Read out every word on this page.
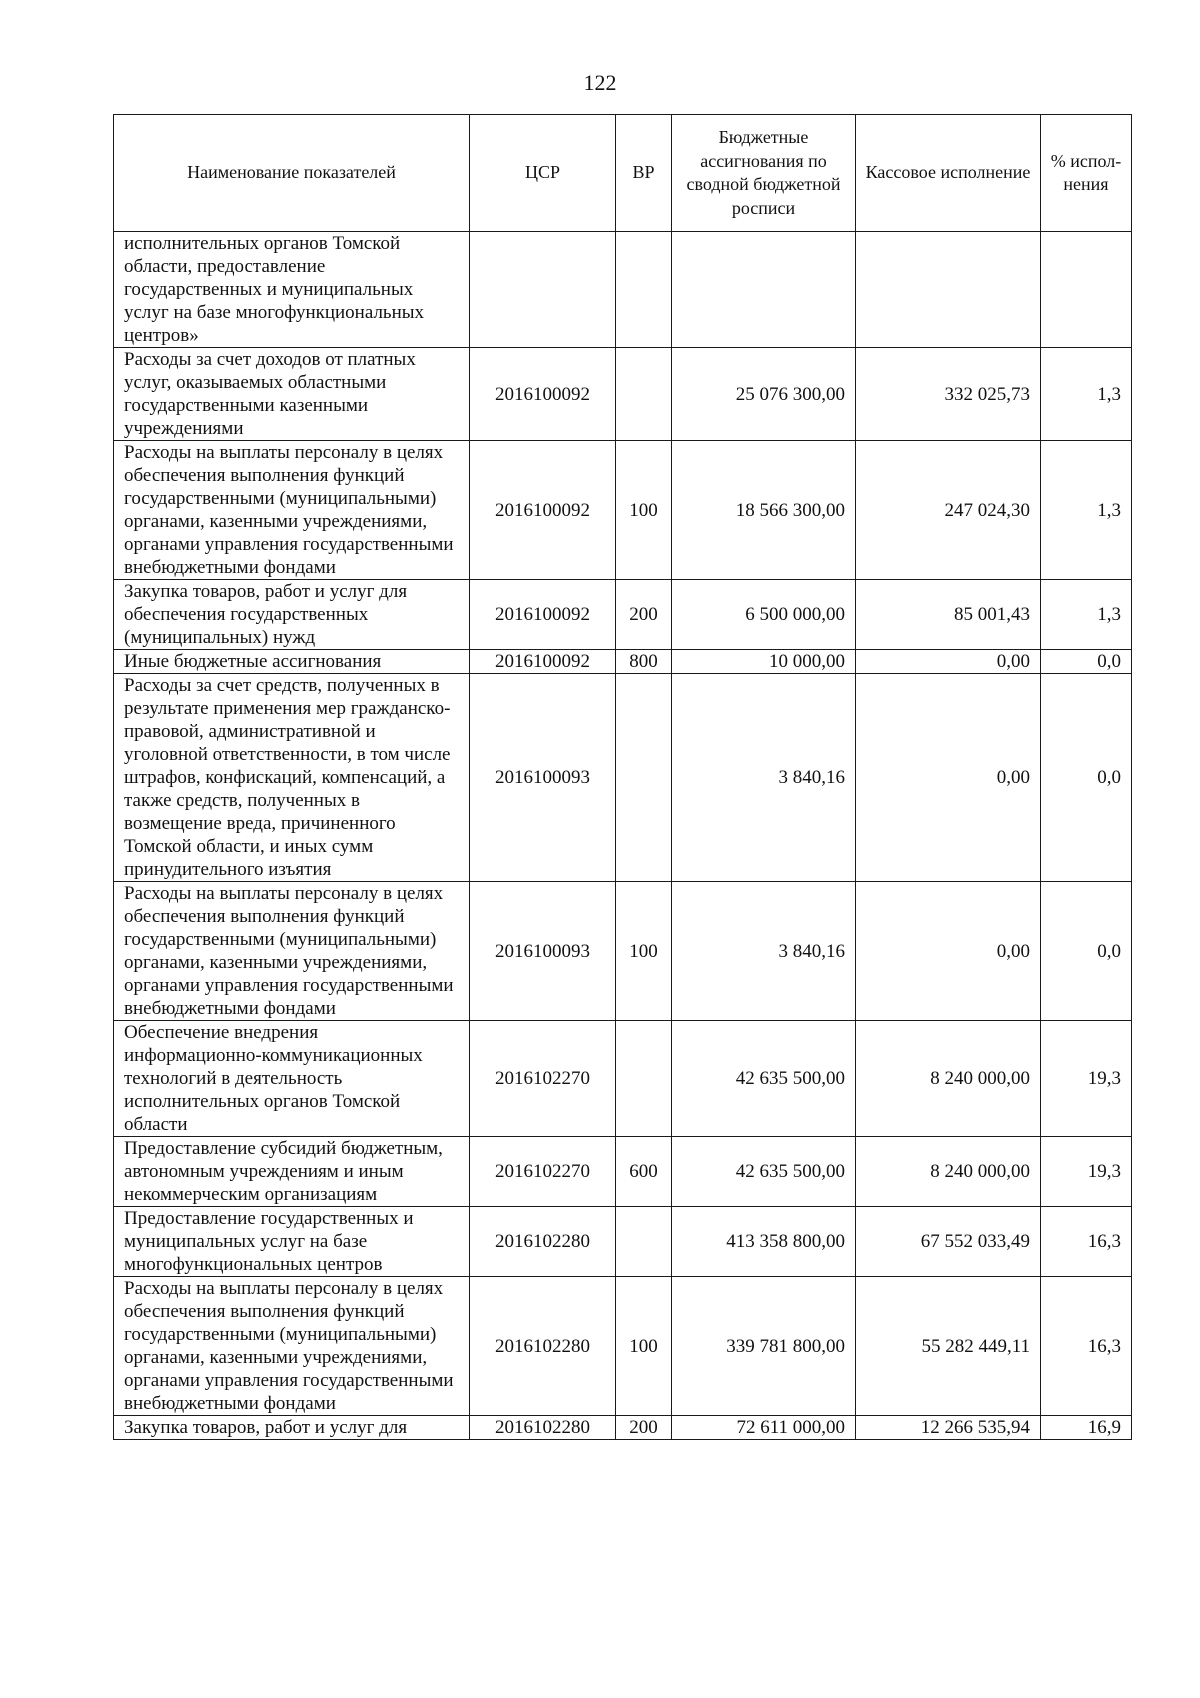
122
Наименование показателей	ЦСР	ВР	Бюджетные ассигнования по сводной бюджетной росписи	Кассовое исполнение	% испол-нения
исполнительных органов Томской области, предоставление государственных и муниципальных услуг на базе многофункциональных центров»					
Расходы за счет доходов от платных услуг, оказываемых областными государственными казенными учреждениями	2016100092		25 076 300,00	332 025,73	1,3
Расходы на выплаты персоналу в целях обеспечения выполнения функций государственными (муниципальными) органами, казенными учреждениями, органами управления государственными внебюджетными фондами	2016100092	100	18 566 300,00	247 024,30	1,3
Закупка товаров, работ и услуг для обеспечения государственных (муниципальных) нужд	2016100092	200	6 500 000,00	85 001,43	1,3
Иные бюджетные ассигнования	2016100092	800	10 000,00	0,00	0,0
Расходы за счет средств, полученных в результате применения мер гражданско-правовой, административной и уголовной ответственности, в том числе штрафов, конфискаций, компенсаций, а также средств, полученных в возмещение вреда, причиненного Томской области, и иных сумм принудительного изъятия	2016100093		3 840,16	0,00	0,0
Расходы на выплаты персоналу в целях обеспечения выполнения функций государственными (муниципальными) органами, казенными учреждениями, органами управления государственными внебюджетными фондами	2016100093	100	3 840,16	0,00	0,0
Обеспечение внедрения информационно-коммуникационных технологий в деятельность исполнительных органов Томской области	2016102270		42 635 500,00	8 240 000,00	19,3
Предоставление субсидий бюджетным, автономным учреждениям и иным некоммерческим организациям	2016102270	600	42 635 500,00	8 240 000,00	19,3
Предоставление государственных и муниципальных услуг на базе многофункциональных центров	2016102280		413 358 800,00	67 552 033,49	16,3
Расходы на выплаты персоналу в целях обеспечения выполнения функций государственными (муниципальными) органами, казенными учреждениями, органами управления государственными внебюджетными фондами	2016102280	100	339 781 800,00	55 282 449,11	16,3
Закупка товаров, работ и услуг для	2016102280	200	72 611 000,00	12 266 535,94	16,9
